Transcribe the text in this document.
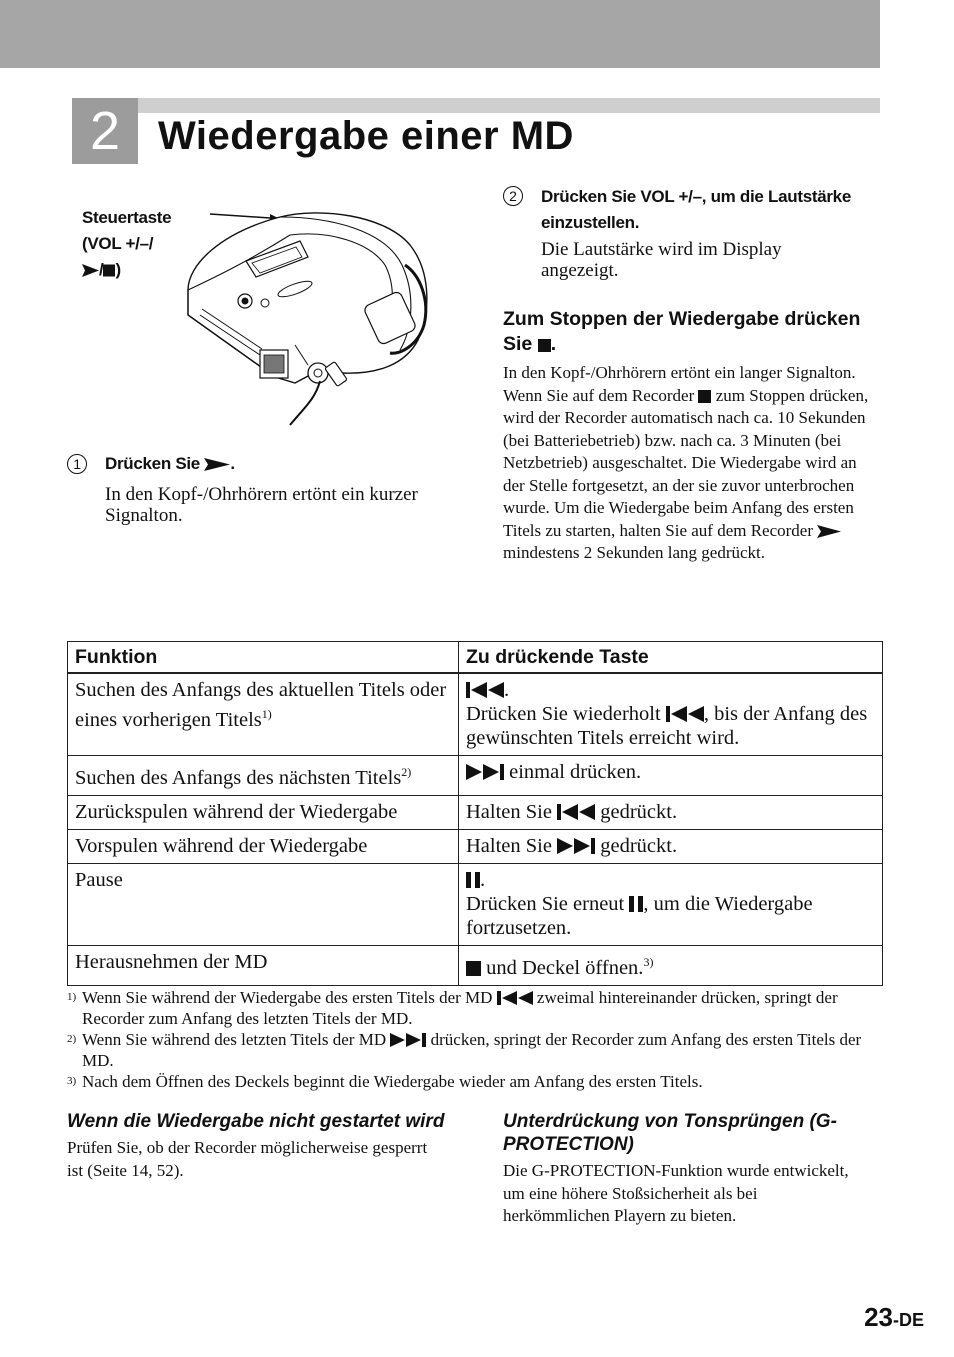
2 Wiedergabe einer MD
Steuertaste
(VOL +/–/
/ )
1	Drücken Sie .
In den Kopf-/Ohrhörern ertönt ein kurzer Signalton.
2	Drücken Sie VOL +/–, um die Lautstärke einzustellen.
Die Lautstärke wird im Display angezeigt.
Zum Stoppen der Wiedergabe drücken Sie .
In den Kopf-/Ohrhörern ertönt ein langer Signalton.
Wenn Sie auf dem Recorder zum Stoppen drücken, wird der Recorder automatisch nach ca. 10 Sekunden (bei Batteriebetrieb) bzw. nach ca. 3 Minuten (bei Netzbetrieb) ausgeschaltet. Die Wiedergabe wird an der Stelle fortgesetzt, an der sie zuvor unterbrochen wurde. Um die Wiedergabe beim Anfang des ersten Titels zu starten, halten Sie auf dem Recorder  mindestens 2 Sekunden lang gedrückt.
Funktion	Zu drückende Taste
Suchen des Anfangs des aktuellen Titels oder eines vorherigen Titels$^{1)}$	.
Drücken Sie wiederholt , bis der Anfang des gewünschten Titels erreicht wird.
Suchen des Anfangs des nächsten Titels$^{2)}$	einmal drücken.
Zurückspulen während der Wiedergabe	Halten Sie  gedrückt.
Vorspulen während der Wiedergabe	Halten Sie  gedrückt.
Pause	.
Drücken Sie erneut , um die Wiedergabe fortzusetzen.
Herausnehmen der MD	und Deckel öffnen.$^{3)}$
1) Wenn Sie während der Wiedergabe des ersten Titels der MD  zweimal hintereinander drücken, springt der Recorder zum Anfang des letzten Titels der MD.
2) Wenn Sie während des letzten Titels der MD  drücken, springt der Recorder zum Anfang des ersten Titels der MD.
3) Nach dem Öffnen des Deckels beginnt die Wiedergabe wieder am Anfang des ersten Titels.
Wenn die Wiedergabe nicht gestartet wird
Prüfen Sie, ob der Recorder möglicherweise gesperrt ist (Seite 14, 52).
Unterdrückung von Tonsprüngen (G-PROTECTION)
Die G-PROTECTION-Funktion wurde entwickelt, um eine höhere Stoßsicherheit als bei herkömmlichen Playern zu bieten.
23-DE
